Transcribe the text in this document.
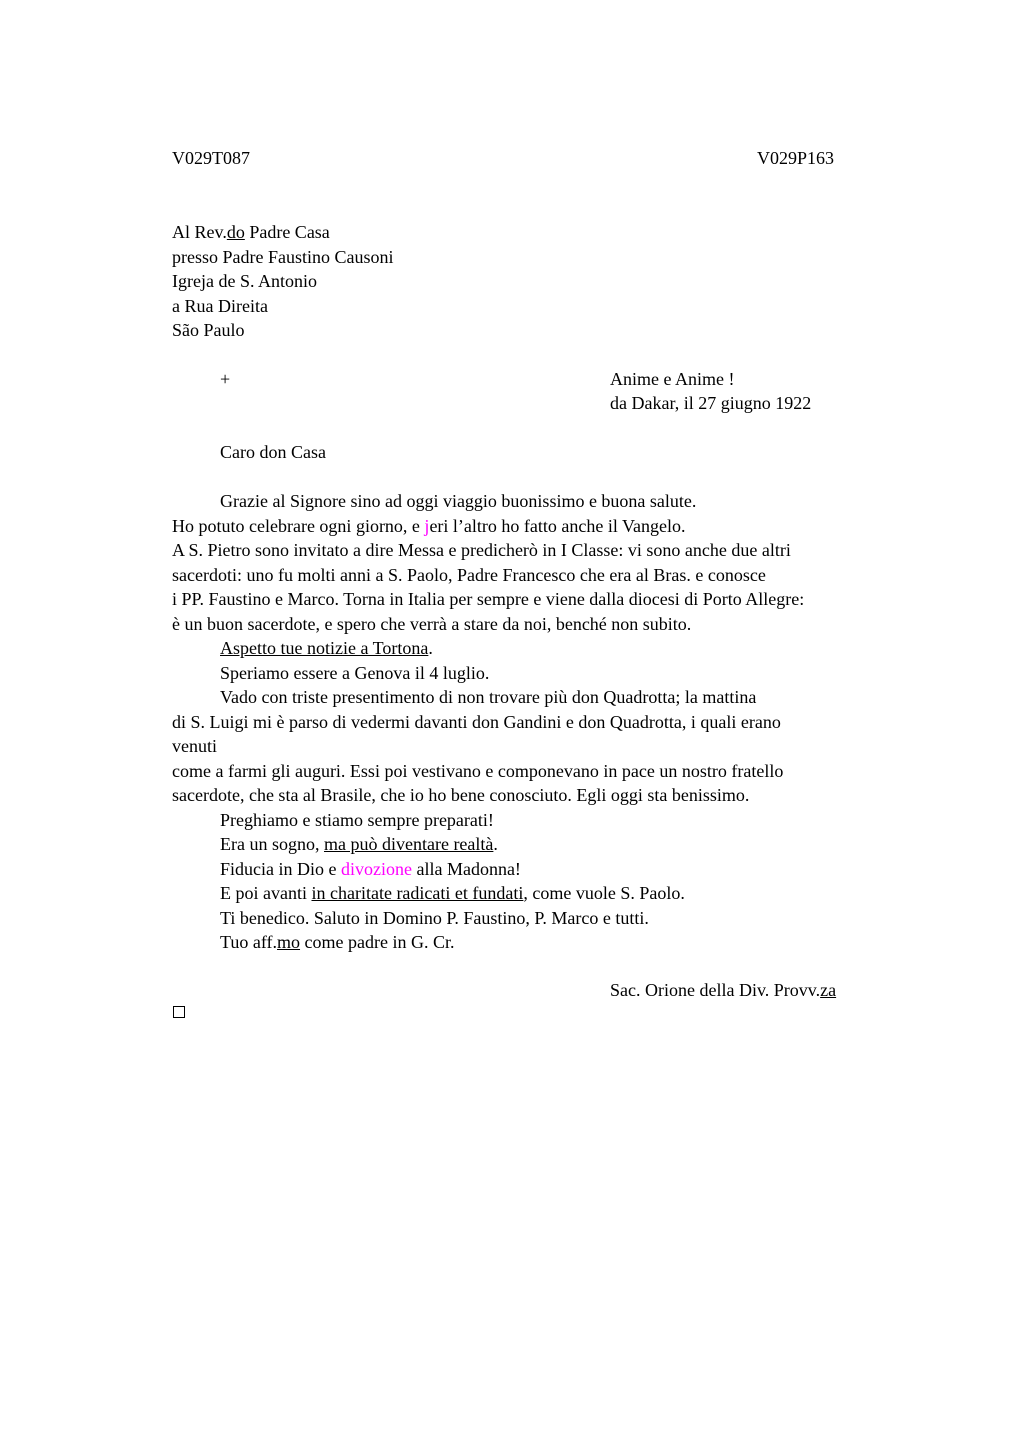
V029T087	V029P163
Al Rev.do Padre Casa
presso Padre Faustino Causoni
Igreja de S. Antonio
a Rua Direita
São Paulo
+	Anime e Anime !
da Dakar, il 27 giugno 1922
Caro don Casa
Grazie al Signore sino ad oggi viaggio buonissimo e buona salute.
Ho potuto celebrare ogni giorno, e jeri l’altro ho fatto anche il Vangelo.
A S. Pietro sono invitato a dire Messa e predicherò in I Classe: vi sono anche due altri
sacerdoti: uno fu molti anni a S. Paolo, Padre Francesco che era al Bras. e conosce
i PP. Faustino e Marco. Torna in Italia per sempre e viene dalla diocesi di Porto Allegre:
è un buon sacerdote, e spero che verrà a stare da noi, benché non subito.
Aspetto tue notizie a Tortona.
Speriamo essere a Genova il 4 luglio.
Vado con triste presentimento di non trovare più don Quadrotta; la mattina
di S. Luigi mi è parso di vedermi davanti don Gandini e don Quadrotta, i quali erano
venuti
come a farmi gli auguri. Essi poi vestivano e componevano in pace un nostro fratello
sacerdote, che sta al Brasile, che io ho bene conosciuto. Egli oggi sta benissimo.
Preghiamo e stiamo sempre preparati!
Era un sogno, ma può diventare realtà.
Fiducia in Dio e divozione alla Madonna!
E poi avanti in charitate radicati et fundati, come vuole S. Paolo.
Ti benedico. Saluto in Domino P. Faustino, P. Marco e tutti.
Tuo aff.mo come padre in G. Cr.
Sac. Orione della Div. Provv.za
